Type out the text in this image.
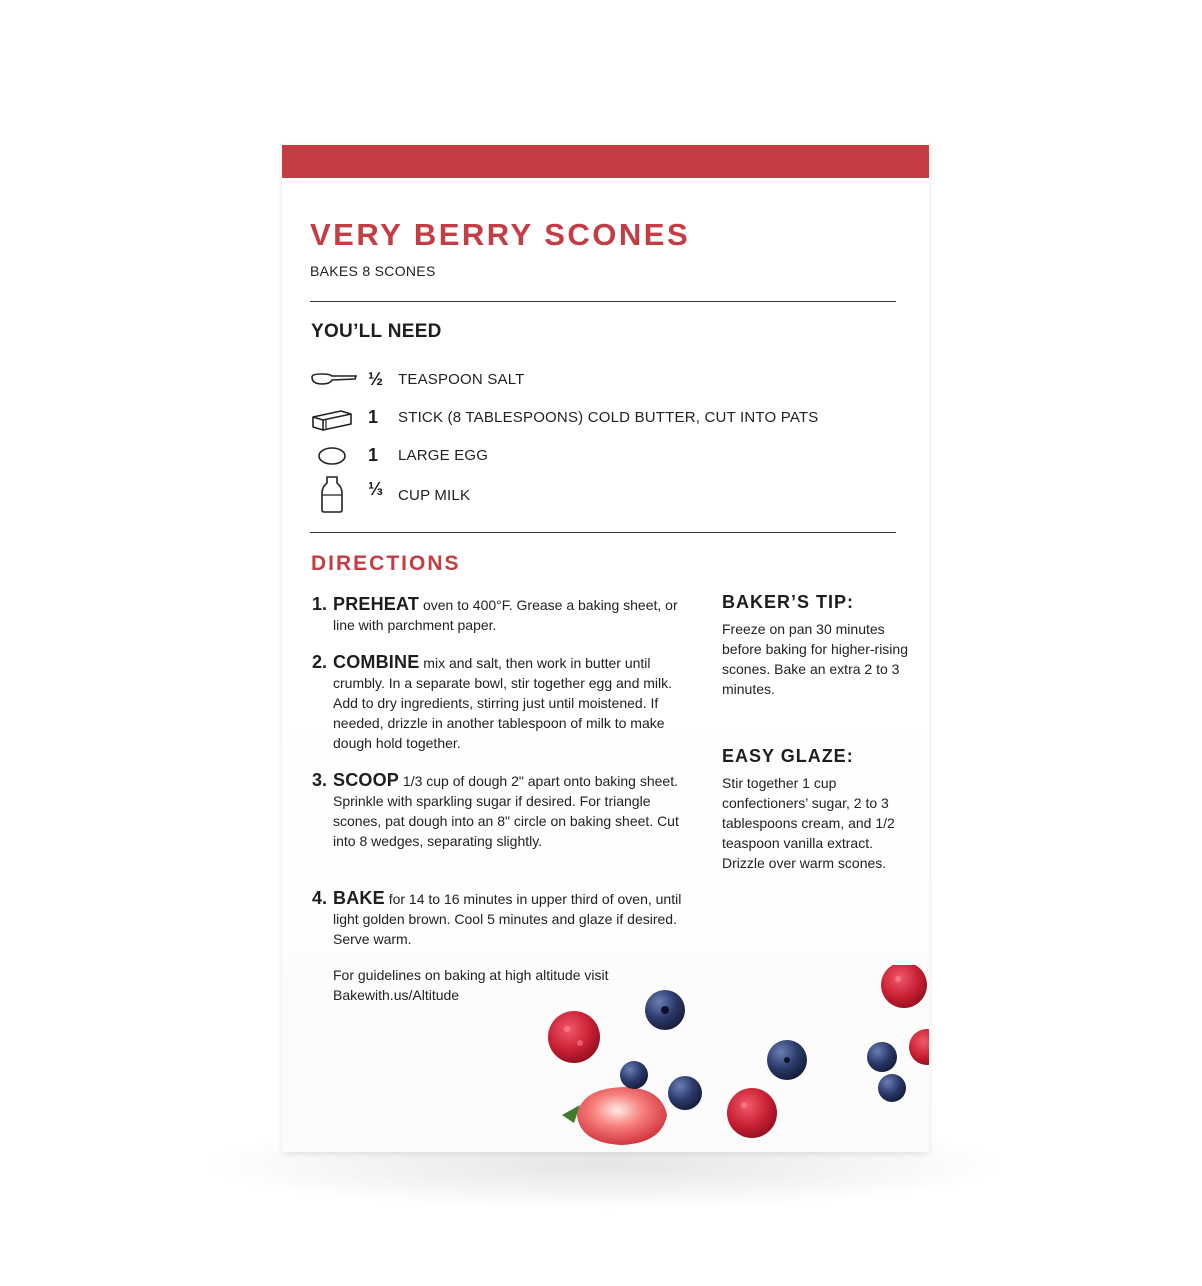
VERY BERRY SCONES
BAKES 8 SCONES
YOU’LL NEED
½ TEASPOON SALT
1	STICK (8 TABLESPOONS) COLD BUTTER, CUT INTO PATS
1	LARGE EGG
⅓ CUP MILK
DIRECTIONS
1. PREHEAT oven to 400°F. Grease a baking sheet, or line with parchment paper.
2. COMBINE mix and salt, then work in butter until crumbly. In a separate bowl, stir together egg and milk. Add to dry ingredients, stirring just until moistened. If needed, drizzle in another tablespoon of milk to make dough hold together.
3. SCOOP 1/3 cup of dough 2" apart onto baking sheet. Sprinkle with sparkling sugar if desired. For triangle scones, pat dough into an 8" circle on baking sheet. Cut into 8 wedges, separating slightly.
4. BAKE for 14 to 16 minutes in upper third of oven, until light golden brown. Cool 5 minutes and glaze if desired. Serve warm.
For guidelines on baking at high altitude visit Bakewith.us/Altitude
BAKER’S TIP:
Freeze on pan 30 minutes before baking for higher-rising scones. Bake an extra 2 to 3 minutes.
EASY GLAZE:
Stir together 1 cup confectioners’ sugar, 2 to 3 tablespoons cream, and 1/2 teaspoon vanilla extract. Drizzle over warm scones.
